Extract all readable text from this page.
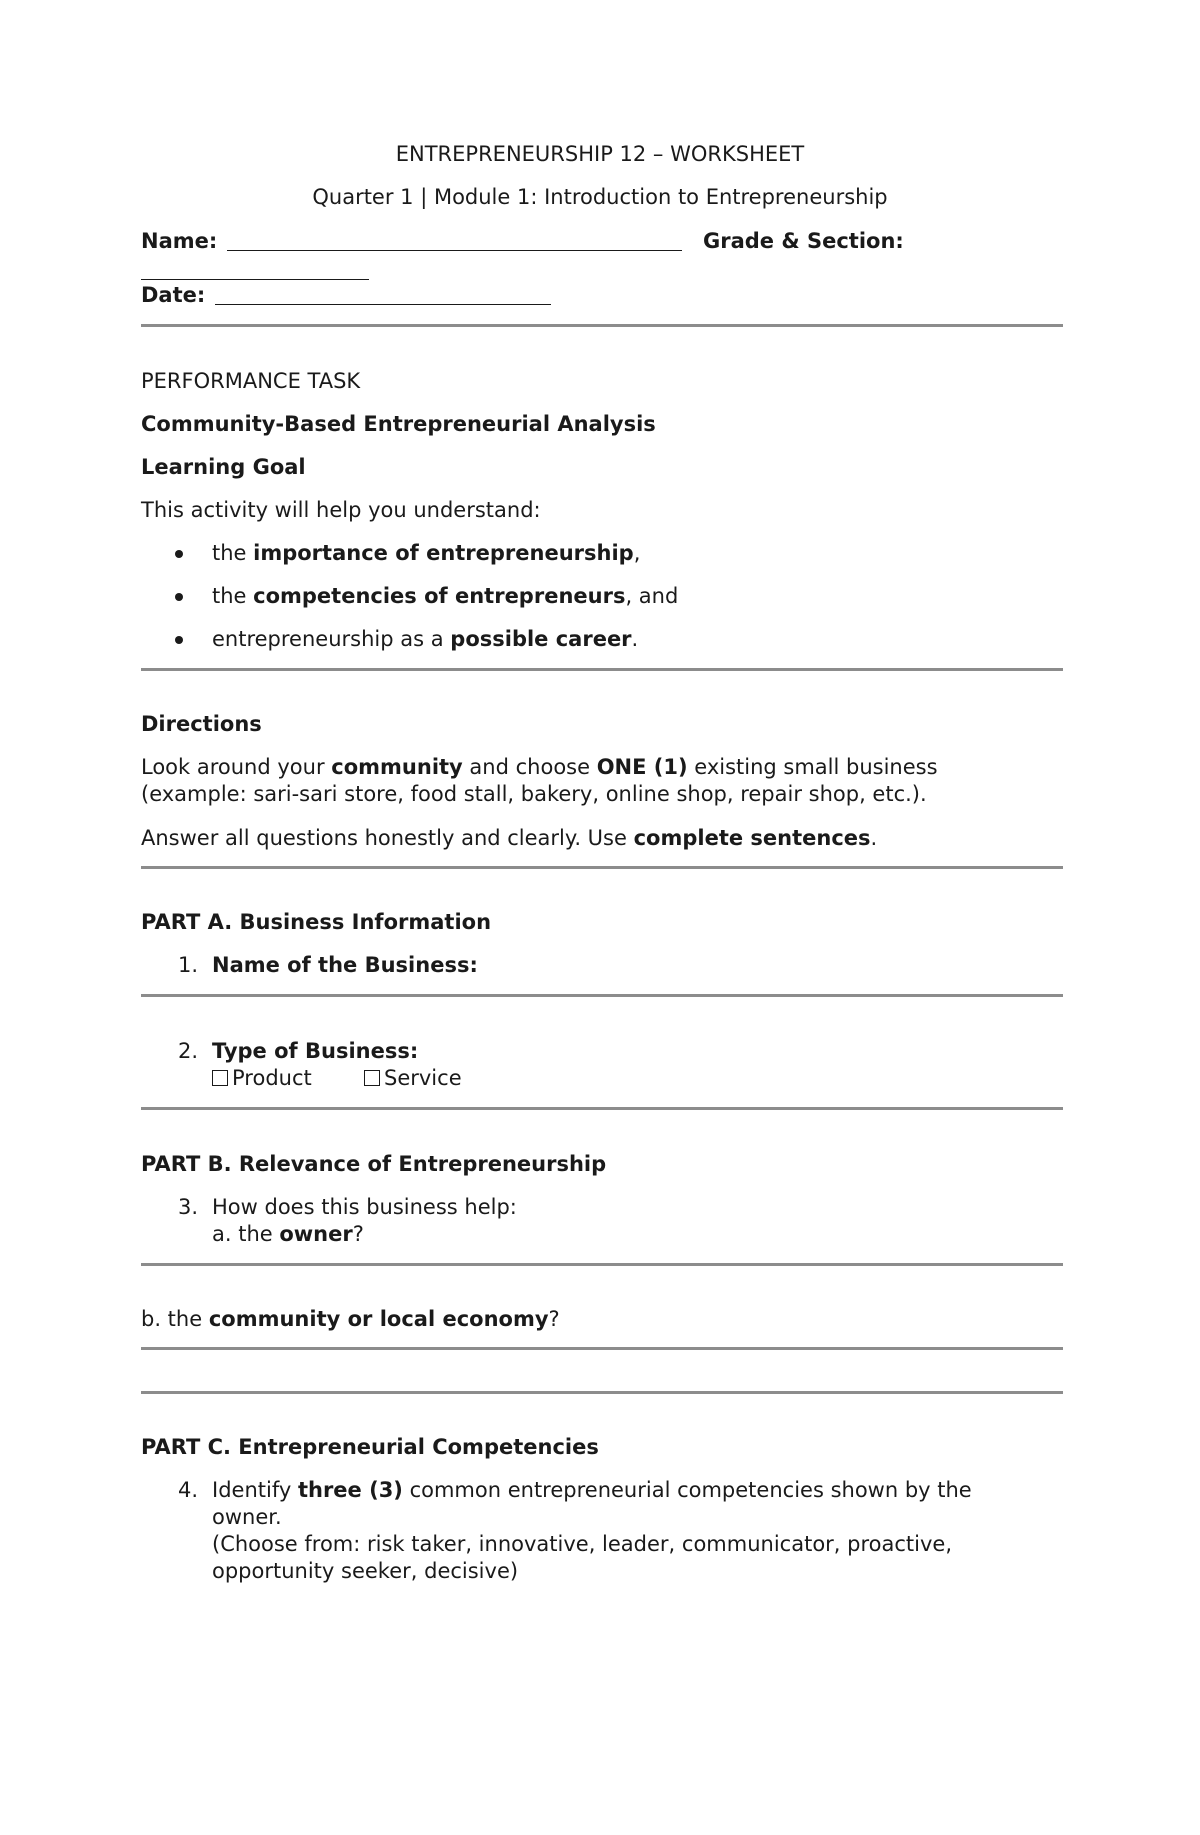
ENTREPRENEURSHIP 12 – WORKSHEET
Quarter 1 | Module 1: Introduction to Entrepreneurship
Name:	Grade & Section:
Date:
PERFORMANCE TASK
Community-Based Entrepreneurial Analysis
Learning Goal
This activity will help you understand:
the importance of entrepreneurship,
the competencies of entrepreneurs, and
entrepreneurship as a possible career.
Directions
Look around your community and choose ONE (1) existing small business
(example: sari-sari store, food stall, bakery, online shop, repair shop, etc.).
Answer all questions honestly and clearly. Use complete sentences.
PART A. Business Information
1. Name of the Business:
2. Type of Business:
Product	Service
PART B. Relevance of Entrepreneurship
3. How does this business help:
a. the owner?
b. the community or local economy?
PART C. Entrepreneurial Competencies
4. Identify three (3) common entrepreneurial competencies shown by the
owner.
(Choose from: risk taker, innovative, leader, communicator, proactive,
opportunity seeker, decisive)
